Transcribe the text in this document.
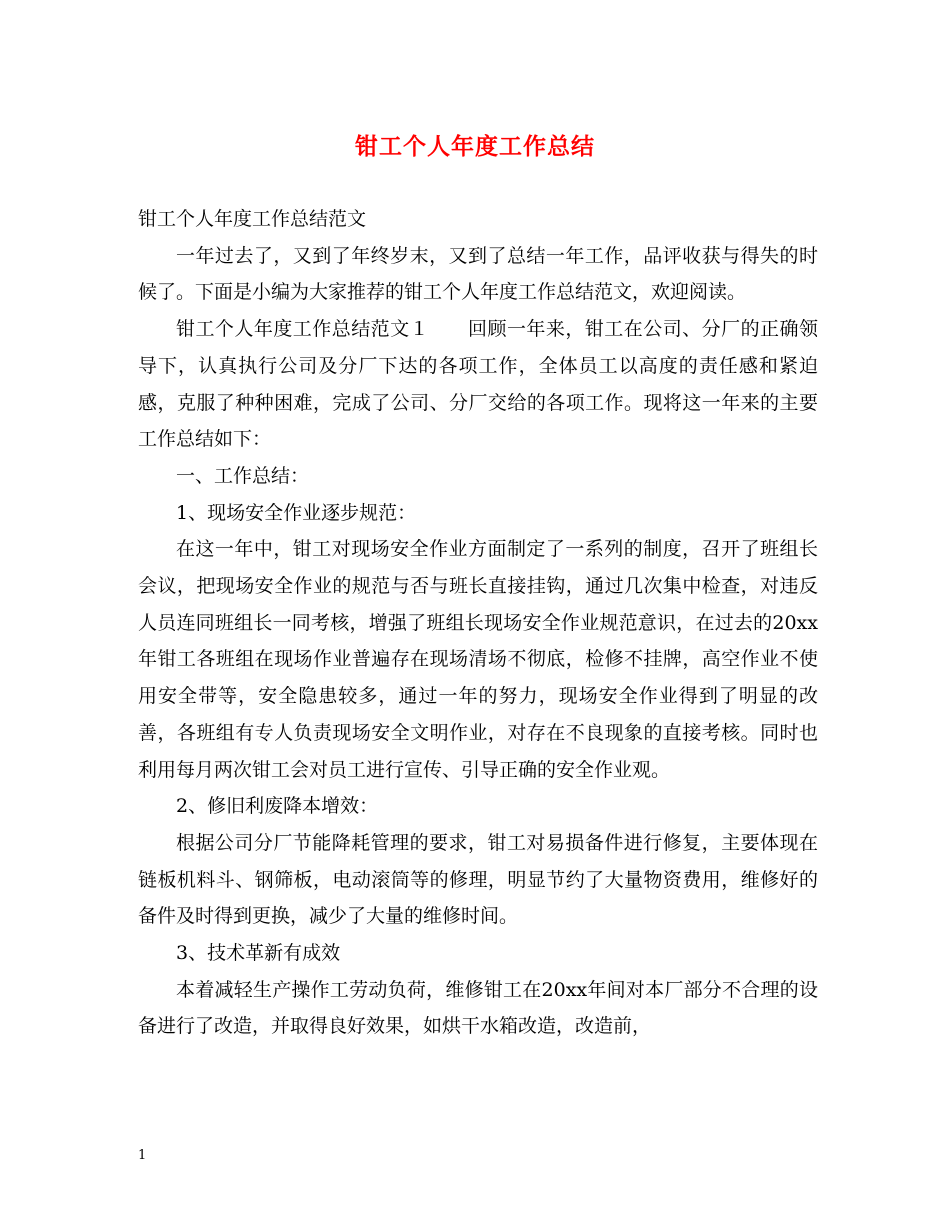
钳工个人年度工作总结

钳工个人年度工作总结范文

一年过去了，又到了年终岁末，又到了总结一年工作，品评收获与得失的时候了。下面是小编为大家推荐的钳工个人年度工作总结范文，欢迎阅读。

钳工个人年度工作总结范文１　　回顾一年来，钳工在公司、分厂的正确领导下，认真执行公司及分厂下达的各项工作，全体员工以高度的责任感和紧迫感，克服了种种困难，完成了公司、分厂交给的各项工作。现将这一年来的主要工作总结如下：

一、工作总结：

1、现场安全作业逐步规范：

在这一年中，钳工对现场安全作业方面制定了一系列的制度，召开了班组长会议，把现场安全作业的规范与否与班长直接挂钩，通过几次集中检查，对违反人员连同班组长一同考核，增强了班组长现场安全作业规范意识，在过去的20xx年钳工各班组在现场作业普遍存在现场清场不彻底，检修不挂牌，高空作业不使用安全带等，安全隐患较多，通过一年的努力，现场安全作业得到了明显的改善，各班组有专人负责现场安全文明作业，对存在不良现象的直接考核。同时也利用每月两次钳工会对员工进行宣传、引导正确的安全作业观。

2、修旧利废降本增效：

根据公司分厂节能降耗管理的要求，钳工对易损备件进行修复，主要体现在链板机料斗、钢筛板，电动滚筒等的修理，明显节约了大量物资费用，维修好的备件及时得到更换，减少了大量的维修时间。

3、技术革新有成效

本着减轻生产操作工劳动负荷，维修钳工在20xx年间对本厂部分不合理的设备进行了改造，并取得良好效果，如烘干水箱改造，改造前，

1
